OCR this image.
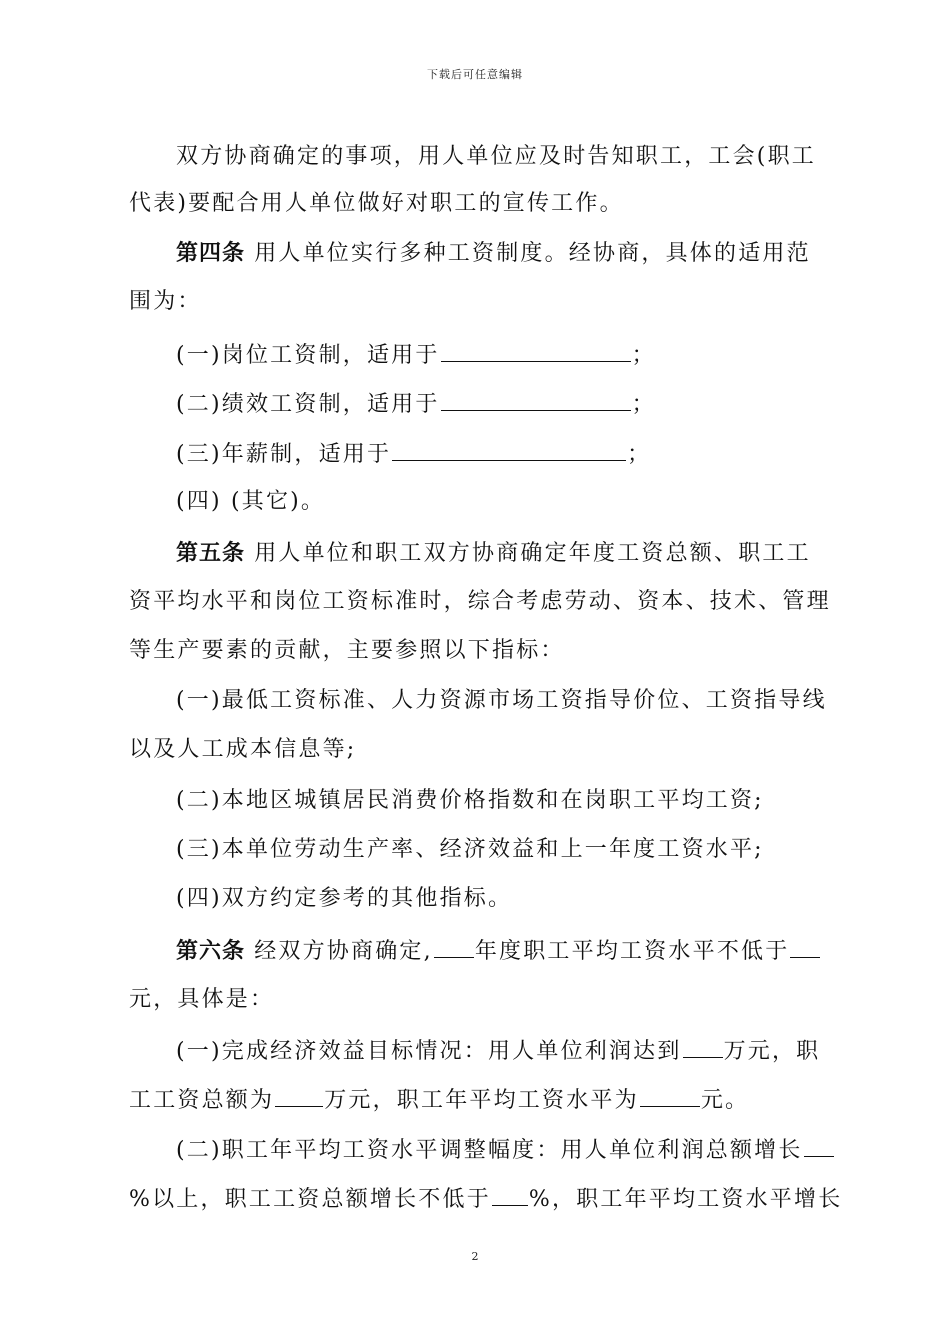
下载后可任意编辑
双方协商确定的事项，用人单位应及时告知职工，工会(职工
代表)要配合用人单位做好对职工的宣传工作。
第四条 用人单位实行多种工资制度。经协商，具体的适用范
围为：
(一)岗位工资制，适用于	；
(二)绩效工资制，适用于	；
(三)年薪制，适用于	；
(四) (其它)。
第五条 用人单位和职工双方协商确定年度工资总额、职工工
资平均水平和岗位工资标准时，综合考虑劳动、资本、技术、管理
等生产要素的贡献，主要参照以下指标：
(一)最低工资标准、人力资源市场工资指导价位、工资指导线
以及人工成本信息等;
(二)本地区城镇居民消费价格指数和在岗职工平均工资;
(三)本单位劳动生产率、经济效益和上一年度工资水平;
(四)双方约定参考的其他指标。
第六条 经双方协商确定, 年度职工平均工资水平不低于
元，具体是：
(一)完成经济效益目标情况：用人单位利润达到 万元，职
工工资总额为 万元，职工年平均工资水平为	元。
(二)职工年平均工资水平调整幅度：用人单位利润总额增长
%以上，职工工资总额增长不低于 %，职工年平均工资水平增长
2
